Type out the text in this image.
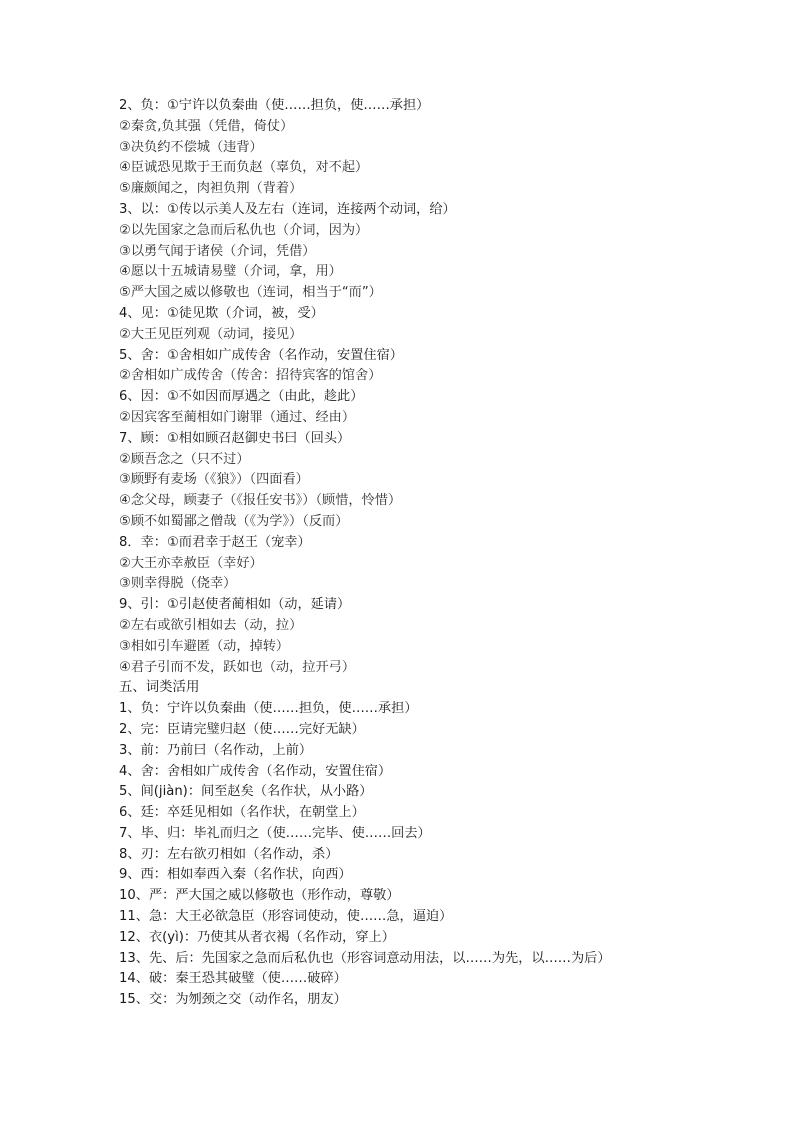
2、负：①宁许以负秦曲（使……担负，使……承担）
②秦贪,负其强（凭借，倚仗）
③决负约不偿城（违背）
④臣诚恐见欺于王而负赵（辜负，对不起）
⑤廉颇闻之，肉袒负荆（背着）
3、以：①传以示美人及左右（连词，连接两个动词，给）
②以先国家之急而后私仇也（介词，因为）
③以勇气闻于诸侯（介词，凭借）
④愿以十五城请易璧（介词，拿，用）
⑤严大国之威以修敬也（连词，相当于“而”）
4、见：①徒见欺（介词，被，受）
②大王见臣列观（动词，接见）
5、舍：①舍相如广成传舍（名作动，安置住宿）
②舍相如广成传舍（传舍：招待宾客的馆舍）
6、因：①不如因而厚遇之（由此，趁此）
②因宾客至蔺相如门谢罪（通过、经由）
7、顾：①相如顾召赵御史书曰（回头）
②顾吾念之（只不过）
③顾野有麦场（《狼》）（四面看）
④念父母，顾妻子（《报任安书》）（顾惜，怜惜）
⑤顾不如蜀鄙之僧哉（《为学》）（反而）
8．幸：①而君幸于赵王（宠幸）
②大王亦幸赦臣（幸好）
③则幸得脱（侥幸）
9、引：①引赵使者蔺相如（动，延请）
②左右或欲引相如去（动，拉）
③相如引车避匿（动，掉转）
④君子引而不发，跃如也（动，拉开弓）
五、词类活用
1、负：宁许以负秦曲（使……担负，使……承担）
2、完：臣请完璧归赵（使……完好无缺）
3、前：乃前曰（名作动，上前）
4、舍：舍相如广成传舍（名作动，安置住宿）
5、间(jiàn)：间至赵矣（名作状，从小路）
6、廷：卒廷见相如（名作状，在朝堂上）
7、毕、归：毕礼而归之（使……完毕、使……回去）
8、刃：左右欲刃相如（名作动，杀）
9、西：相如奉西入秦（名作状，向西）
10、严：严大国之威以修敬也（形作动，尊敬）
11、急：大王必欲急臣（形容词使动，使……急，逼迫）
12、衣(yì)：乃使其从者衣褐（名作动，穿上）
13、先、后：先国家之急而后私仇也（形容词意动用法，以……为先，以……为后）
14、破：秦王恐其破璧（使……破碎）
15、交：为刎颈之交（动作名，朋友）
